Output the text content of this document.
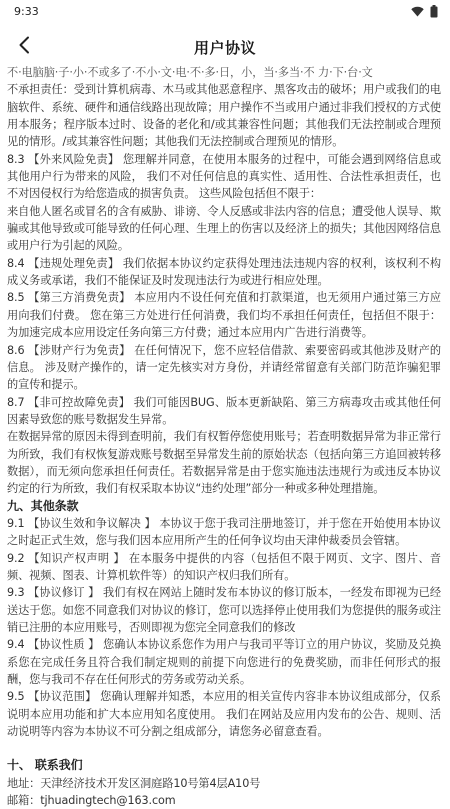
9:33
用户协议

不·电脑脑·子·小·不或多了·不小·文·电·不·多·日，小，当·多当·不 力·下·台·文

不承担责任：受到计算机病毒、木马或其他恶意程序、黑客攻击的破坏；用户或我们的电脑软件、系统、硬件和通信线路出现故障；用户操作不当或用户通过非我们授权的方式使用本服务；程序版本过时、设备的老化和/或其兼容性问题；其他我们无法控制或合理预见的情形。/或其兼容性问题；其他我们无法控制或合理预见的情形。

8.3 【外来风险免责】 您理解并同意，在使用本服务的过程中，可能会遇到网络信息或其他用户行为带来的风险， 我们不对任何信息的真实性、适用性、合法性承担责任，也不对因侵权行为给您造成的损害负责。 这些风险包括但不限于：

来自他人匿名或冒名的含有威胁、诽谤、令人反感或非法内容的信息；遭受他人误导、欺骗或其他导致或可能导致的任何心理、生理上的伤害以及经济上的损失；其他因网络信息或用户行为引起的风险。

8.4 【违规处理免责】 我们依据本协议约定获得处理违法违规内容的权利，该权利不构成义务或承诺，我们不能保证及时发现违法行为或进行相应处理。

8.5 【第三方消费免责】 本应用内不设任何充值和打款渠道，也无须用户通过第三方应用向我们付费。 您在第三方处进行任何消费，我们均不承担任何责任，包括但不限于：为加速完成本应用设定任务向第三方付费；通过本应用内广告进行消费等。

8.6 【涉财产行为免责】 在任何情况下，您不应轻信借款、索要密码或其他涉及财产的信息。 涉及财产操作的，请一定先核实对方身份，并请经常留意有关部门防范诈骗犯罪的宣传和提示。

8.7 【非可控故障免责】 我们可能因BUG、版本更新缺陷、第三方病毒攻击或其他任何因素导致您的账号数据发生异常。

在数据异常的原因未得到查明前，我们有权暂停您使用账号；若查明数据异常为非正常行为所致，我们有权恢复游戏账号数据至异常发生前的原始状态（包括向第三方追回被转移数据），而无须向您承担任何责任。若数据异常是由于您实施违法违规行为或违反本协议约定的行为所致，我们有权采取本协议“违约处理”部分一种或多种处理措施。

九、其他条款

9.1 【协议生效和争议解决 】 本协议于您于我司注册地签订，并于您在开始使用本协议之时起正式生效，您与我们因本应用所产生的任何争议均由天津仲裁委员会管辖。

9.2 【知识产权声明 】 在本服务中提供的内容（包括但不限于网页、文字、图片、音频、视频、图表、计算机软件等）的知识产权归我们所有。

9.3 【协议修订 】 我们有权在网站上随时发布本协议的修订版本，一经发布即视为已经送达于您。如您不同意我们对协议的修订，您可以选择停止使用我们为您提供的服务或注销已注册的本应用账号，否则即视为您完全同意我们的修改

9.4 【协议性质 】 您确认本协议系您作为用户与我司平等订立的用户协议，奖励及兑换系您在完成任务且符合我们制定规则的前提下向您进行的免费奖励，而非任何形式的报酬，您与我司不存在任何形式的劳务或劳动关系。

9.5 【协议范围】 您确认理解并知悉，本应用的相关宣传内容非本协议组成部分，仅系说明本应用功能和扩大本应用知名度使用。 我们在网站及应用内发布的公告、规则、活动说明等内容为本协议不可分割之组成部分，请您务必留意查看。

十、 联系我们

地址：天津经济技术开发区洞庭路10号第4层A10号

邮箱：tjhuadingtech@163.com
